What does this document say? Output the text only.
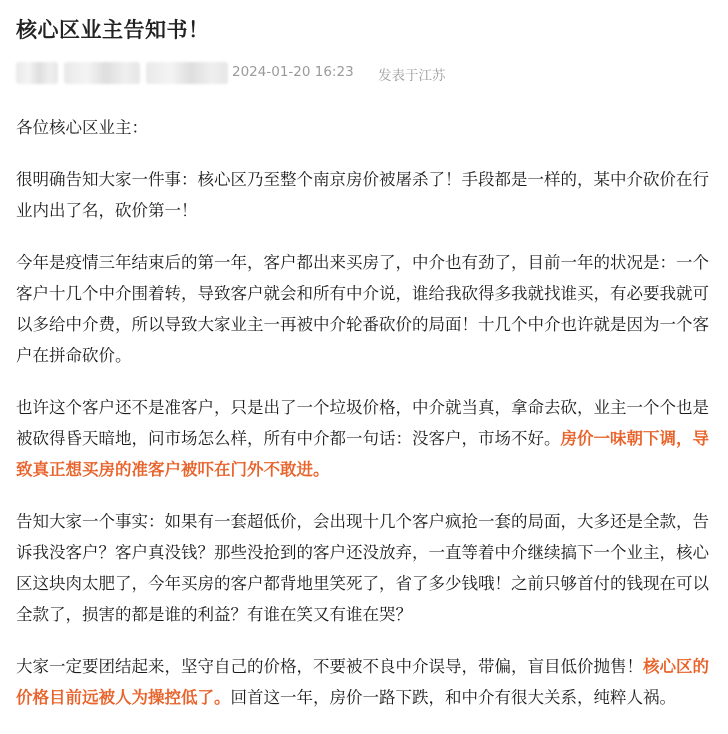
核心区业主告知书！
2024-01-20 16:23 发表于江苏

各位核心区业主：

很明确告知大家一件事：核心区乃至整个南京房价被屠杀了！手段都是一样的，某中介砍价在行业内出了名，砍价第一！

今年是疫情三年结束后的第一年，客户都出来买房了，中介也有劲了，目前一年的状况是：一个客户十几个中介围着转，导致客户就会和所有中介说，谁给我砍得多我就找谁买，有必要我就可以多给中介费，所以导致大家业主一再被中介轮番砍价的局面！十几个中介也许就是因为一个客户在拼命砍价。

也许这个客户还不是准客户，只是出了一个垃圾价格，中介就当真，拿命去砍，业主一个个也是被砍得昏天暗地，问市场怎么样，所有中介都一句话：没客户，市场不好。房价一味朝下调，导致真正想买房的准客户被吓在门外不敢进。

告知大家一个事实：如果有一套超低价，会出现十几个客户疯抢一套的局面，大多还是全款，告诉我没客户？客户真没钱？那些没抢到的客户还没放弃，一直等着中介继续搞下一个业主，核心区这块肉太肥了，今年买房的客户都背地里笑死了，省了多少钱哦！之前只够首付的钱现在可以全款了，损害的都是谁的利益？有谁在笑又有谁在哭？

大家一定要团结起来，坚守自己的价格，不要被不良中介误导，带偏，盲目低价抛售！核心区的价格目前远被人为操控低了。回首这一年，房价一路下跌，和中介有很大关系，纯粹人祸。
